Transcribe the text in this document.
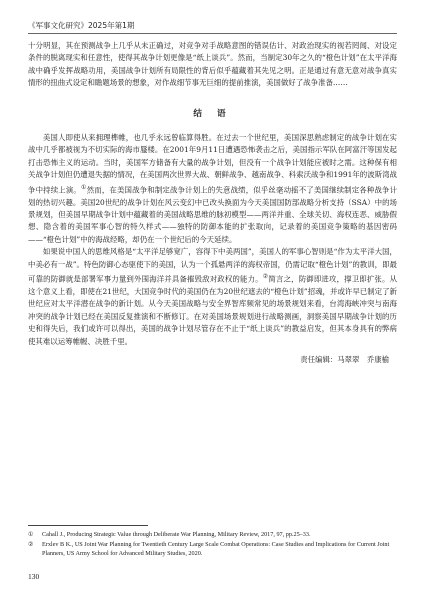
《军事文化研究》2025年第1期

十分明显，其在预测战争上几乎从未正确过，对竞争对手战略意图的错误估计、对政治现实的视若罔闻、对设定条件的脱离现实和任意性，使得其战争计划更像是“纸上谈兵”。然而，当制定30年之久的“橙色计划”在太平洋海战中确乎发挥战略功用，美国战争计划所有局限性的背后似乎蕴藏着其先见之明。正是通过有意无意对战争真实情形的扭曲式设定和瞻题场景的想象，对作战细节事无巨细的提前推演，美国做好了战争准备……

结 语

美国人即使从来拥理榫帷，也几乎永远曾临算得胜。在过去一个世纪里，美国深思熟虑制定的战争计划在实战中几乎都被视为不切实际的海市蜃楼。在2001年9月11日遭遇恐怖袭击之后，美国指示军队在阿富汗等国发起打击恐怖主义的运动。当时，美国军方储备有大量的战争计划，但没有一个战争计划能应被时之需。这种保有相关战争计划但仍遭退失据的情况，在美国两次世界大战、朝鲜战争、越南战争、科索沃战争和1991年的波斯湾战争中持续上演。①然而，在美国战争和制定战争计划上的失意战绩，似乎丝毫动摇不了美国继续制定各种战争计划的热切兴趣。美国20世纪的战争计划在风云变幻中已改头换面为今天美国国防部战略分析支持（SSA）中的场景规划，但美国早期战争计划中蕴藏着的美国战略思维的脉初模型——两洋并重、全球关切、海权连恶、威胁假想、隐含着的美国军事心智的特久样式——独特的防御本能的扩张取向，记录着的美国竞争策略的基因密码——“橙色计划”中的海战经略，却仍在一个世纪后的今天延续。

如果说中国人的思维风格是“太平洋足够宽广，容得下中美两国”，美国人的军事心智则是“作为太平洋大国，中美必有一战”。特色防御心态驱使下的美国，认为一个孤悬两洋的海权帝国，仍需记取“橙色计划”的教训，即最可靠的防御就是部署军事力量到外围海洋并具备摧毁敌对政权的能力。②简言之，防御即进攻，撑卫即扩张。从这个意义上看，即使在21世纪，大国竞争时代的美国仍在为20世纪遮去的“橙色计划”招魂，并或许早已制定了新世纪应对太平洋潜在战争的新计划。从今天美国战略与安全界智库频常见的场景规划来看，台湾海峡冲突与南海冲突的战争计划已经在美国反复推演和不断修订。在对美国场景规划进行战略测画，洞察美国早期战争计划的历史和得失后，我们或许可以得出，美国的战争计划尽管存在不止于“纸上谈兵”的教益启发，但其本身具有的弊病使其难以运筹帷幄、决胜千里。

责任编辑：马翠翠　乔康榆
①	Cahall J., Producing Strategic Value through Deliberate War Planning, Military Review, 2017, 97, pp.25–33.
②	Erxlev B K., US Joint War Planning for Twentieth Century Large Scale Combat Operations: Case Studies and Implications for Current Joint Planners, US Army School for Advanced Military Studies, 2020.
130
